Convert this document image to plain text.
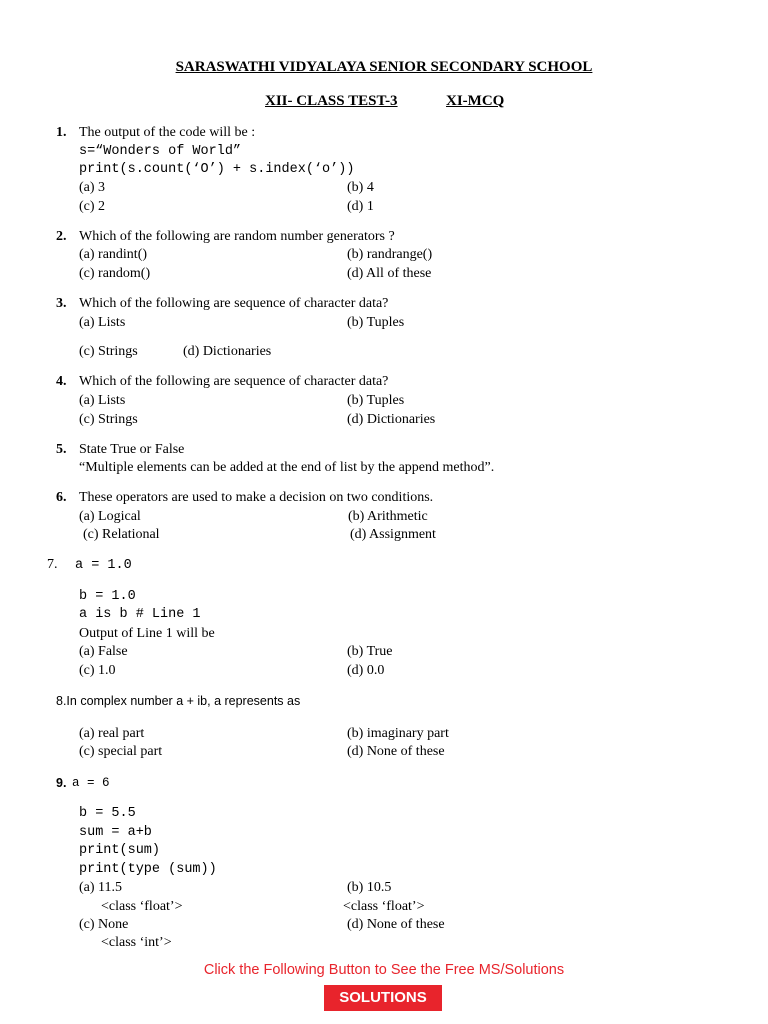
SARASWATHI VIDYALAYA SENIOR SECONDARY SCHOOL
XII- CLASS TEST-3	XI-MCQ
1. The output of the code will be :
s=“Wonders of World”
print(s.count(‘O’) + s.index(‘o’))
(a) 3	(b) 4
(c) 2	(d) 1
2. Which of the following are random number generators ?
(a) randint()	(b) randrange()
(c) random()	(d) All of these
3. Which of the following are sequence of character data?
(a) Lists	(b) Tuples
(c) Strings	(d) Dictionaries
4. Which of the following are sequence of character data?
(a) Lists	(b) Tuples
(c) Strings	(d) Dictionaries
5. State True or False
“Multiple elements can be added at the end of list by the append method”.
6. These operators are used to make a decision on two conditions.
(a) Logical	(b) Arithmetic
(c) Relational	(d) Assignment
7. a = 1.0
b = 1.0
a is b # Line 1
Output of Line 1 will be
(a) False	(b) True
(c) 1.0	(d) 0.0
8.In complex number a + ib, a represents as
(a) real part	(b) imaginary part
(c) special part	(d) None of these
9. a = 6
b = 5.5
sum = a+b
print(sum)
print(type (sum))
(a) 11.5	(b) 10.5
<class ‘float’>	<class ‘float’>
(c) None	(d) None of these
<class ‘int’>
Click the Following Button to See the Free MS/Solutions
SOLUTIONS
